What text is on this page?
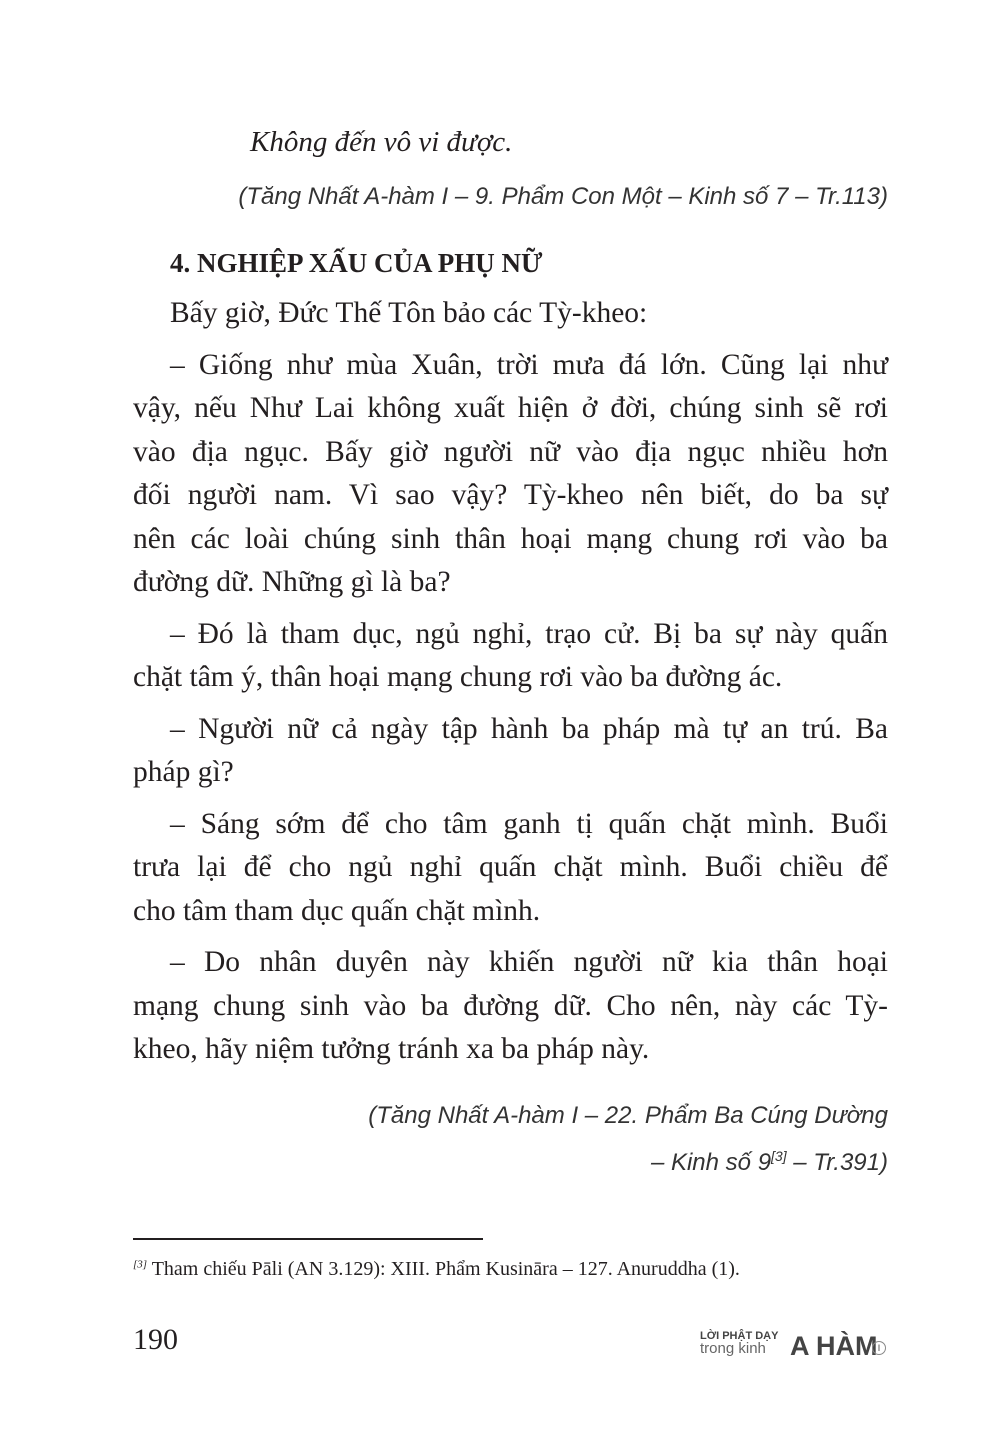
Không đến vô vi được.
(Tăng Nhất A-hàm I – 9. Phẩm Con Một – Kinh số 7 – Tr.113)
4. NGHIỆP XẤU CỦA PHỤ NỮ
Bấy giờ, Đức Thế Tôn bảo các Tỳ-kheo:
– Giống như mùa Xuân, trời mưa đá lớn. Cũng lại như
vậy, nếu Như Lai không xuất hiện ở đời, chúng sinh sẽ rơi
vào địa ngục. Bấy giờ người nữ vào địa ngục nhiều hơn
đối người nam. Vì sao vậy? Tỳ-kheo nên biết, do ba sự
nên các loài chúng sinh thân hoại mạng chung rơi vào ba
đường dữ. Những gì là ba?
– Đó là tham dục, ngủ nghỉ, trạo cử. Bị ba sự này quấn
chặt tâm ý, thân hoại mạng chung rơi vào ba đường ác.
– Người nữ cả ngày tập hành ba pháp mà tự an trú. Ba
pháp gì?
– Sáng sớm để cho tâm ganh tị quấn chặt mình. Buổi
trưa lại để cho ngủ nghỉ quấn chặt mình. Buổi chiều để
cho tâm tham dục quấn chặt mình.
– Do nhân duyên này khiến người nữ kia thân hoại
mạng chung sinh vào ba đường dữ. Cho nên, này các Tỳ-
kheo, hãy niệm tưởng tránh xa ba pháp này.
(Tăng Nhất A-hàm I – 22. Phẩm Ba Cúng Dường
– Kinh số 9[3] – Tr.391)
[3] Tham chiếu Pāli (AN 3.129): XIII. Phẩm Kusināra – 127. Anuruddha (1).
190	LỜI PHẬT DẠY
trong kinh A HÀM I
